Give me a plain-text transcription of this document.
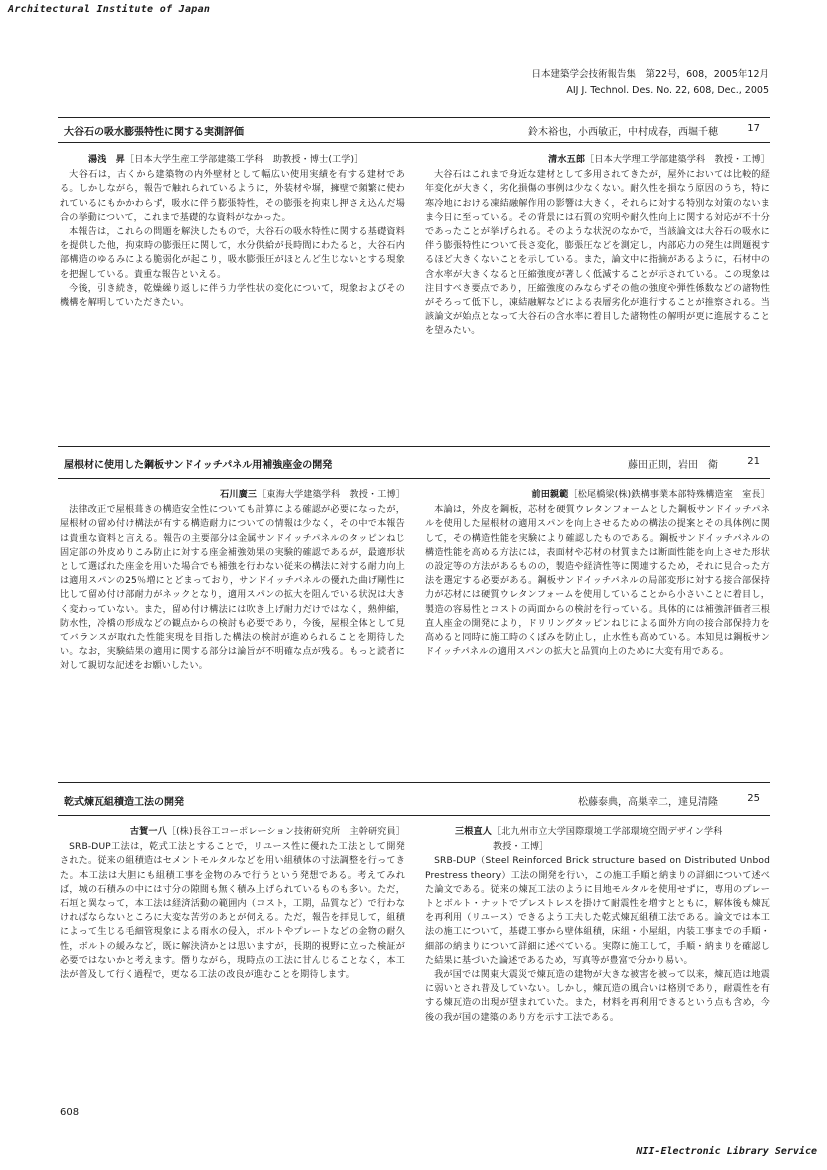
Architectural Institute of Japan
日本建築学会技術報告集　第22号，608，2005年12月
AIJ J. Technol. Des. No. 22, 608, Dec., 2005
大谷石の吸水膨張特性に関する実測評価	鈴木裕也，小西敏正，中村成春，西堀千穂	17
湯浅　昇［日本大学生産工学部建築工学科　助教授・博士(工学)］

大谷石は，古くから建築物の内外壁材として幅広い使用実績を有する建材である。しかしながら，報告で触れられているように，外装材や塀，擁壁で頻繁に使われているにもかかわらず，吸水に伴う膨張特性，その膨張を拘束し押さえ込んだ場合の挙動について，これまで基礎的な資料がなかった。

本報告は，これらの問題を解決したもので，大谷石の吸水特性に関する基礎資料を提供した他，拘束時の膨張圧に関して，水分供給が長時間にわたると，大谷石内部構造のゆるみによる脆弱化が起こり，吸水膨張圧がほとんど生じないとする現象を把握している。貴重な報告といえる。

今後，引き続き，乾燥繰り返しに伴う力学性状の変化について，現象およびその機構を解明していただきたい。

清水五郎［日本大学理工学部建築学科　教授・工博］

大谷石はこれまで身近な建材として多用されてきたが，屋外においては比較的経年変化が大きく，劣化損傷の事例は少なくない。耐久性を損なう原因のうち，特に寒冷地における凍結融解作用の影響は大きく，それらに対する特別な対策のないまま今日に至っている。その背景には石質の究明や耐久性向上に関する対応が不十分であったことが挙げられる。そのような状況のなかで，当該論文は大谷石の吸水に伴う膨張特性について長さ変化，膨張圧などを測定し，内部応力の発生は問題視するほど大きくないことを示している。また，論文中に指摘があるように，石材中の含水率が大きくなると圧縮強度が著しく低減することが示されている。この現象は注目すべき要点であり，圧縮強度のみならずその他の強度や弾性係数などの諸物性がそろって低下し，凍結融解などによる表層劣化が進行することが推察される。当該論文が始点となって大谷石の含水率に着目した諸物性の解明が更に進展することを望みたい。

屋根材に使用した鋼板サンドイッチパネル用補強座金の開発	藤田正則，岩田　衛	21
石川廣三［東海大学建築学科　教授・工博］

法律改正で屋根葺きの構造安全性についても計算による確認が必要になったが，屋根材の留め付け構法が有する構造耐力についての情報は少なく，その中で本報告は貴重な資料と言える。報告の主要部分は金属サンドイッチパネルのタッピンねじ固定部の外皮めりこみ防止に対する座金補強効果の実験的確認であるが，最適形状として選ばれた座金を用いた場合でも補強を行わない従来の構法に対する耐力向上は適用スパンの25％増にとどまっており，サンドイッチパネルの優れた曲げ剛性に比して留め付け部耐力がネックとなり，適用スパンの拡大を阻んでいる状況は大きく変わっていない。また，留め付け構法には吹き上げ耐力だけではなく，熱伸縮，防水性，冷橋の形成などの観点からの検討も必要であり，今後，屋根全体として見てバランスが取れた性能実現を目指した構法の検討が進められることを期待したい。なお，実験結果の適用に関する部分は論旨が不明確な点が残る。もっと読者に対して親切な記述をお願いしたい。

前田親範［松尾橋梁(株)鉄構事業本部特殊構造室　室長］

本論は，外皮を鋼板，芯材を硬質ウレタンフォームとした鋼板サンドイッチパネルを使用した屋根材の適用スパンを向上させるための構法の提案とその具体例に関して，その構造性能を実験により確認したものである。鋼板サンドイッチパネルの構造性能を高める方法には，表面材や芯材の材質または断面性能を向上させた形状の設定等の方法があるものの，製造や経済性等に関連するため，それに見合った方法を選定する必要がある。鋼板サンドイッチパネルの局部変形に対する接合部保持力が芯材には硬質ウレタンフォームを使用していることから小さいことに着目し，製造の容易性とコストの両面からの検討を行っている。具体的には補強評価者三根直人座金の開発により，ドリリングタッピンねじによる面外方向の接合部保持力を高めると同時に施工時のくぼみを防止し，止水性も高めている。本知見は鋼板サンドイッチパネルの適用スパンの拡大と品質向上のために大変有用である。

乾式煉瓦組積造工法の開発	松藤泰典，高巣幸二，達見清隆	25
古賀一八［(株)長谷工コーポレーション技術研究所　主幹研究員］

SRB-DUP工法は，乾式工法とすることで，リユース性に優れた工法として開発された。従来の組積造はセメントモルタルなどを用い組積体の寸法調整を行ってきた。本工法は大胆にも組積工事を金物のみで行うという発想である。考えてみれば，城の石積みの中には寸分の隙間も無く積み上げられているものも多い。ただ，石垣と異なって，本工法は経済活動の範囲内（コスト，工期，品質など）で行わなければならないところに大変な苦労のあとが伺える。ただ，報告を拝見して，組積によって生じる毛細管現象による雨水の侵入，ボルトやプレートなどの金物の耐久性，ボルトの緩みなど，既に解決済かとは思いますが，長期的視野に立った検証が必要ではないかと考えます。僭りながら，現時点の工法に甘んじることなく，本工法が普及して行く過程で，更なる工法の改良が進むことを期待します。

三根直人［北九州市立大学国際環境工学部環境空間デザイン学科
教授・工博］

SRB-DUP（Steel Reinforced Brick structure based on Distributed Unbod Prestress theory）工法の開発を行い，この施工手順と納まりの詳細について述べた論文である。従来の煉瓦工法のように目地モルタルを使用せずに，専用のプレートとボルト・ナットでプレストレスを掛けて耐震性を増すとともに，解体後も煉瓦を再利用（リユース）できるよう工夫した乾式煉瓦組積工法である。論文では本工法の施工について，基礎工事から壁体組積，床組・小屋組，内装工事までの手順・細部の納まりについて詳細に述べている。実際に施工して，手順・納まりを確認した結果に基づいた論述であるため，写真等が豊富で分かり易い。

我が国では関東大震災で煉瓦造の建物が大きな被害を被って以来，煉瓦造は地震に弱いとされ普及していない。しかし，煉瓦造の風合いは格別であり，耐震性を有する煉瓦造の出現が望まれていた。また，材料を再利用できるという点も含め，今後の我が国の建築のあり方を示す工法である。

608
NII-Electronic Library Service
